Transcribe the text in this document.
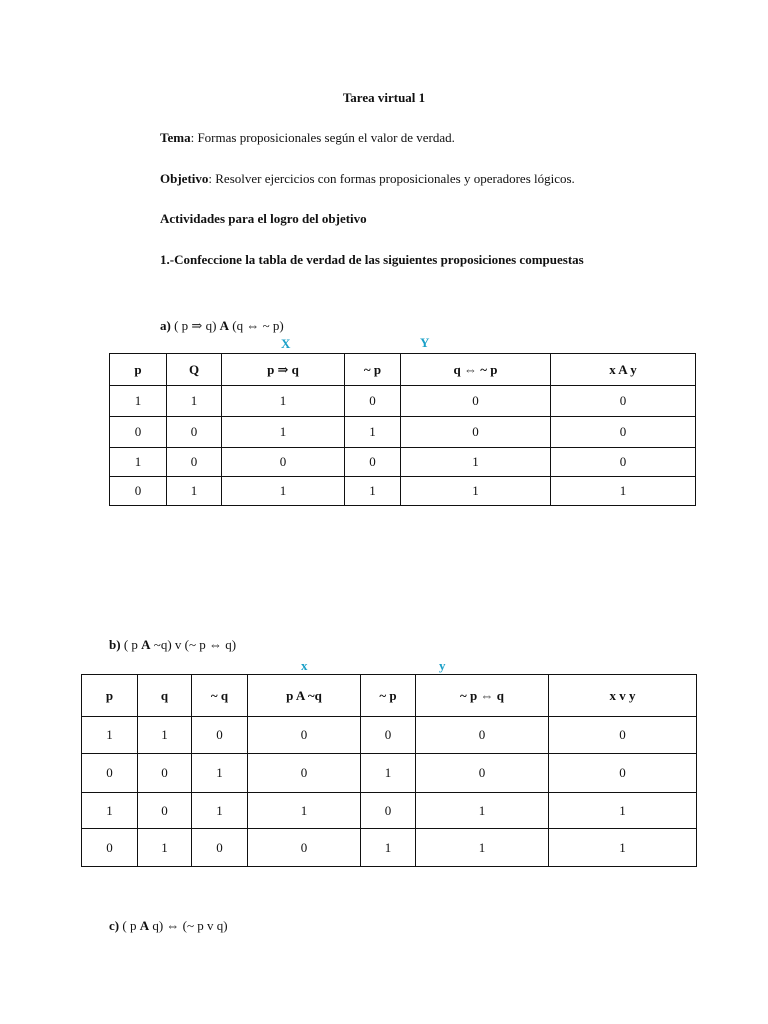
Tarea virtual 1
Tema: Formas proposicionales según el valor de verdad.
Objetivo: Resolver ejercicios con formas proposicionales y operadores lógicos.
Actividades para el logro del objetivo
1.-Confeccione la tabla de verdad de las siguientes proposiciones compuestas
a) ( p ⇒ q) A (q ⇔ ~ p)
X	Y
p	Q	p ⇒ q	~ p	q ⇔ ~ p	x A y
1	1	1	0	0	0
0	0	1	1	0	0
1	0	0	0	1	0
0	1	1	1	1	1
b) ( p A ~q) v (~ p ⇔ q)
x	y
p	q	~ q	p A ~q	~ p	~ p ⇔ q	x v y
1	1	0	0	0	0	0
0	0	1	0	1	0	0
1	0	1	1	0	1	1
0	1	0	0	1	1	1
c) ( p A q) ⇔ (~ p v q)
